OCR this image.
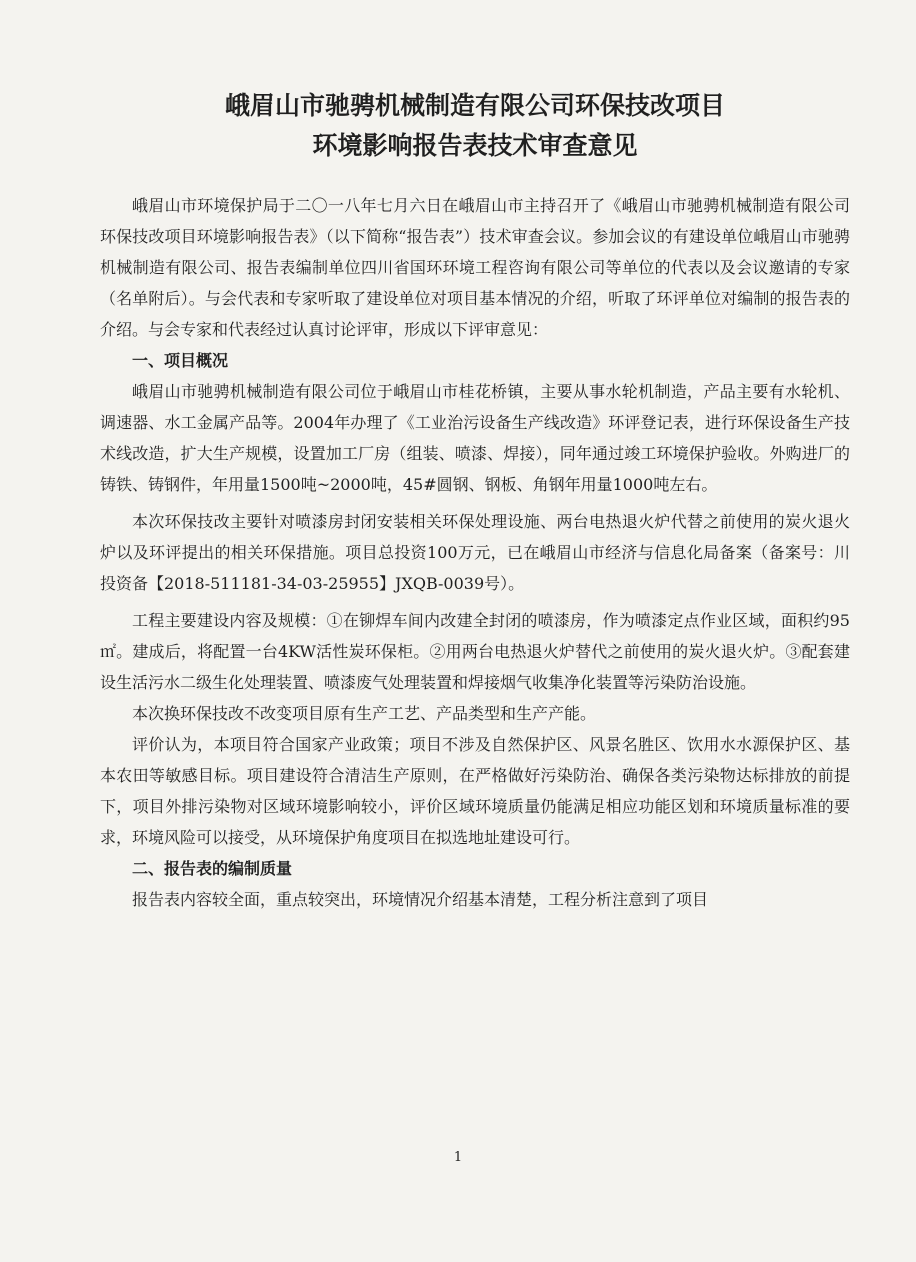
峨眉山市驰骋机械制造有限公司环保技改项目
环境影响报告表技术审查意见

峨眉山市环境保护局于二〇一八年七月六日在峨眉山市主持召开了《峨眉山市驰骋机械制造有限公司环保技改项目环境影响报告表》（以下简称“报告表”）技术审查会议。参加会议的有建设单位峨眉山市驰骋机械制造有限公司、报告表编制单位四川省国环环境工程咨询有限公司等单位的代表以及会议邀请的专家（名单附后）。与会代表和专家听取了建设单位对项目基本情况的介绍，听取了环评单位对编制的报告表的介绍。与会专家和代表经过认真讨论评审，形成以下评审意见：

一、项目概况

峨眉山市驰骋机械制造有限公司位于峨眉山市桂花桥镇，主要从事水轮机制造，产品主要有水轮机、调速器、水工金属产品等。2004年办理了《工业治污设备生产线改造》环评登记表，进行环保设备生产技术线改造，扩大生产规模，设置加工厂房（组装、喷漆、焊接），同年通过竣工环境保护验收。外购进厂的铸铁、铸钢件，年用量1500吨~2000吨，45#圆钢、钢板、角钢年用量1000吨左右。

本次环保技改主要针对喷漆房封闭安装相关环保处理设施、两台电热退火炉代替之前使用的炭火退火炉以及环评提出的相关环保措施。项目总投资100万元，已在峨眉山市经济与信息化局备案（备案号：川投资备【2018-511181-34-03-25955】JXQB-0039号）。

工程主要建设内容及规模：①在铆焊车间内改建全封闭的喷漆房，作为喷漆定点作业区域，面积约95㎡。建成后，将配置一台4KW活性炭环保柜。②用两台电热退火炉替代之前使用的炭火退火炉。③配套建设生活污水二级生化处理装置、喷漆废气处理装置和焊接烟气收集净化装置等污染防治设施。

本次换环保技改不改变项目原有生产工艺、产品类型和生产产能。

评价认为，本项目符合国家产业政策；项目不涉及自然保护区、风景名胜区、饮用水水源保护区、基本农田等敏感目标。项目建设符合清洁生产原则，在严格做好污染防治、确保各类污染物达标排放的前提下，项目外排污染物对区域环境影响较小，评价区域环境质量仍能满足相应功能区划和环境质量标准的要求，环境风险可以接受，从环境保护角度项目在拟选地址建设可行。

二、报告表的编制质量

报告表内容较全面，重点较突出，环境情况介绍基本清楚，工程分析注意到了项目

1
